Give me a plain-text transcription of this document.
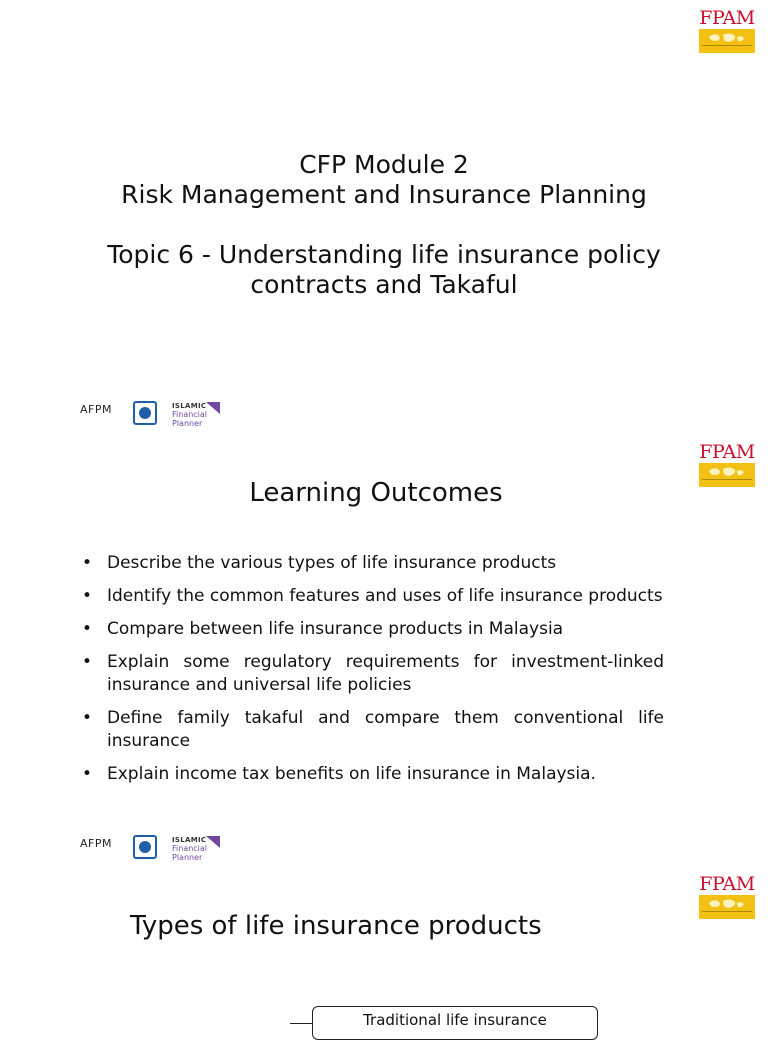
FPAM
CFP Module 2
Risk Management and Insurance Planning
Topic 6 - Understanding life insurance policy
contracts and Takaful
AFPM

	ISLAMIC
Financial
Planner
FPAM
Learning Outcomes
• Describe the various types of life insurance products
• Identify the common features and uses of life insurance products
• Compare between life insurance products in Malaysia
• Explain some regulatory requirements for investment-linked insurance and universal life policies
• Define family takaful and compare them conventional life insurance
• Explain income tax benefits on life insurance in Malaysia.
AFPM

	ISLAMIC
Financial
Planner
FPAM
Types of life insurance products
Traditional life insurance
